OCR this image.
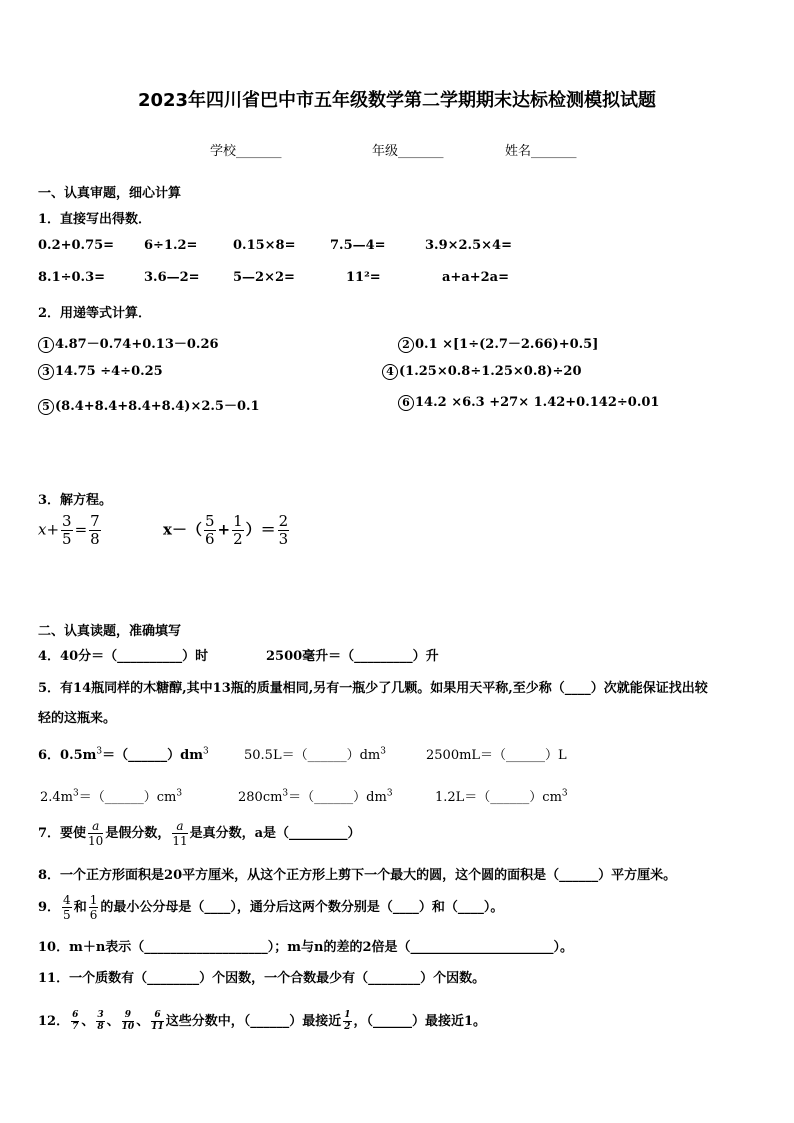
2023年四川省巴中市五年级数学第二学期期末达标检测模拟试题
学校_______	年级_______	姓名_______
一、认真审题，细心计算
1．直接写出得数．
0.2+0.75= 6÷1.2=	0.15×8=	7.5—4=	3.9×2.5×4=
8.1÷0.3=	3.6—2=	5—2×2=	11²=	a+a+2a=
2．用递等式计算．
1 4.87－0.74+0.13－0.26	2 0.1 ×[1÷(2.7－2.66)+0.5]
3 14.75 ÷4÷0.25	4 (1.25×0.8÷1.25×0.8)÷20
5 (8.4+8.4+8.4+8.4)×2.5－0.1	6 14.2 ×6.3 +27× 1.42+0.142÷0.01
3．解方程。
$x+ \frac{3}{5} = \frac{7}{8}$	$x-( \frac{5}{6} + \frac{1}{2}$ ）＝ $\frac{2}{3}$
二、认真读题，准确填写
4．40分＝（__________）时	2500毫升＝（_________）升
5．有14瓶同样的木糖醇,其中13瓶的质量相同,另有一瓶少了几颗。如果用天平称,至少称（____）次就能保证找出较
轻的这瓶来。
6．$0.5m^3=(\_\_\_\_\_\_)dm^3$	$50.5L=(\_\_\_\_\_\_)dm^3$	2500mL＝（______）L
$2.4m^3=(\_\_\_\_\_\_)cm^3$	$280cm^3=(\_\_\_\_\_\_)dm^3$	$1.2L=(\_\_\_\_\_\_)cm^3$
7．要使 $\frac{a}{10}$ 是假分数， $\frac{a}{11}$ 是真分数，a是（_________）
8．一个正方形面积是20平方厘米，从这个正方形上剪下一个最大的圆，这个圆的面积是（______）平方厘米。
9． $\frac{4}{5}$ 和 $\frac{1}{6}$ 的最小公分母是（____），通分后这两个数分别是（____）和（____）。
10．m＋n表示（___________________）；m与n的差的2倍是（______________________）。
11．一个质数有（________）个因数，一个合数最少有（________）个因数。
12． $\frac{6}{7}$ 、 $\frac{3}{8}$ 、 $\frac{9}{10}$ 、 $\frac{6}{11}$ 这些分数中，（______）最接近 $\frac{1}{2}$ ，（______）最接近1。
